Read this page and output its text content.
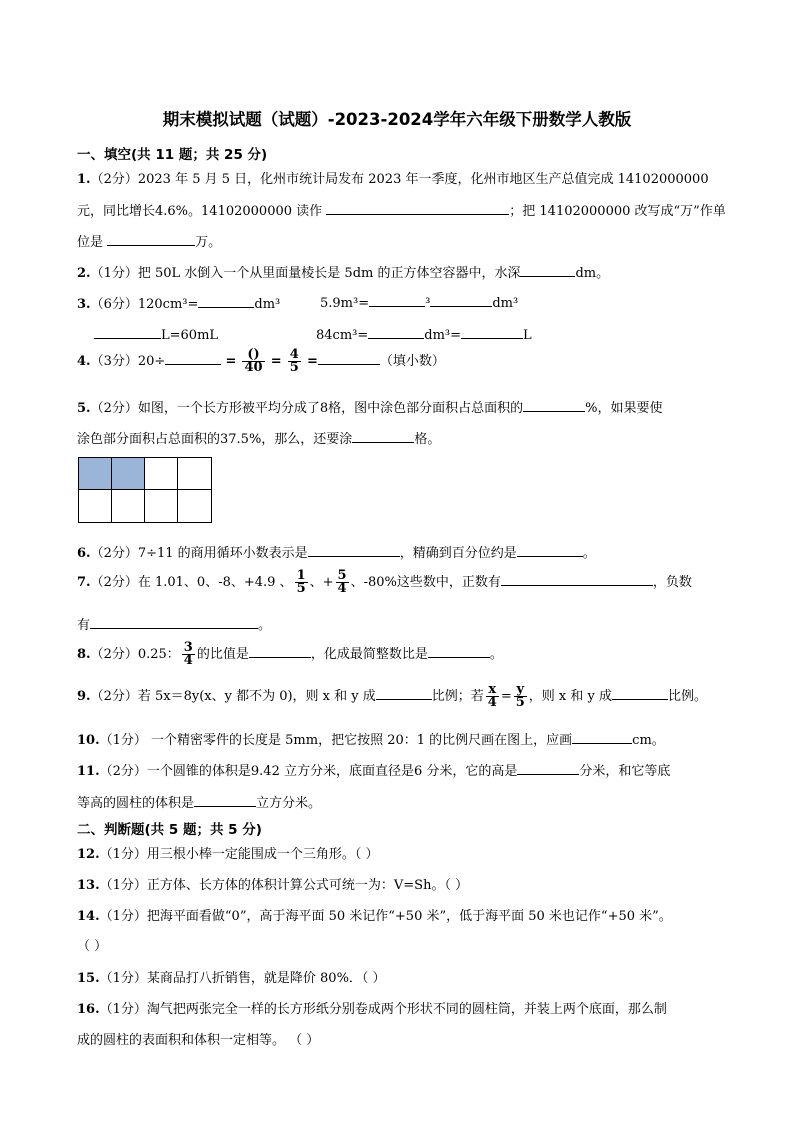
期末模拟试题（试题）-2023-2024学年六年级下册数学人教版
一、填空(共 11 题；共 25 分)
1.（2分）2023 年 5 月 5 日，化州市统计局发布 2023 年一季度，化州市地区生产总值完成 14102000000
元，同比增长4.6%。14102000000 读作	；把 14102000000 改写成“万”作单
位是	万。
2.（1分）把 50L 水倒入一个从里面量棱长是 5dm 的正方体空容器中，水深	dm。
3.（6分）120cm³=	dm³	5.9m³=	³	dm³
L=60mL	84cm³=	dm³=	L
4.（3分）20÷	= $\frac{()}{40} = \frac{4}{5}$ =	（填小数）
5.（2分）如图，一个长方形被平均分成了8格，图中涂色部分面积占总面积的	%，如果要使
涂色部分面积占总面积的37.5%，那么，还要涂	格。
6.（2分）7÷11 的商用循环小数表示是	，精确到百分位约是	。
7.（2分）在 1.01、0、-8、+4.9 、 $\frac{1}{5}$ 、+ $\frac{5}{4}$ 、-80%这些数中，正数有	，负数
有	。
8.（2分）0.25： $\frac{3}{4}$ 的比值是	，化成最简整数比是	。
9.（2分）若 5x＝8y(x、y 都不为 0)，则 x 和 y 成	比例；若 $\frac{x}{4} = \frac{y}{5}$ ，则 x 和 y 成	比例。
10.（1分） 一个精密零件的长度是 5mm，把它按照 20：1 的比例尺画在图上，应画	cm。
11.（2分）一个圆锥的体积是9.42 立方分米，底面直径是6 分米，它的高是	分米，和它等底
等高的圆柱的体积是	立方分米。
二、判断题(共 5 题；共 5 分)
12.（1分）用三根小棒一定能围成一个三角形。（ ）
13.（1分）正方体、长方体的体积计算公式可统一为：V=Sh。（ ）
14.（1分）把海平面看做“0”，高于海平面 50 米记作“+50 米”，低于海平面 50 米也记作“+50 米”。
（ ）
15.（1分）某商品打八折销售，就是降价 80%．（ ）
16.（1分）淘气把两张完全一样的长方形纸分别卷成两个形状不同的圆柱筒，并装上两个底面，那么制
成的圆柱的表面积和体积一定相等。 （ ）
